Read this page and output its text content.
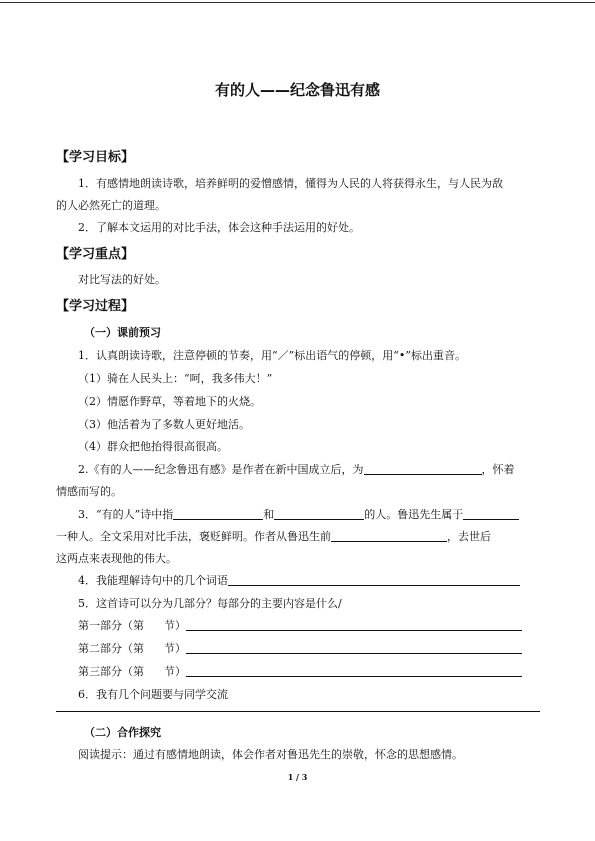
有的人——纪念鲁迅有感
【学习目标】
1．有感情地朗读诗歌，培养鲜明的爱憎感情，懂得为人民的人将获得永生，与人民为敌
的人必然死亡的道理。
2．了解本文运用的对比手法，体会这种手法运用的好处。
【学习重点】
对比写法的好处。
【学习过程】
（一）课前预习
1．认真朗读诗歌，注意停顿的节奏，用“／”标出语气的停顿，用“•”标出重音。
（1）骑在人民头上：“呵，我多伟大！”
（2）情愿作野草，等着地下的火烧。
（3）他活着为了多数人更好地活。
（4）群众把他抬得很高很高。
2.《有的人——纪念鲁迅有感》是作者在新中国成立后，为	，怀着
情感而写的。
3．“有的人”诗中指	和	的人。鲁迅先生属于
一种人。全文采用对比手法，褒贬鲜明。作者从鲁迅生前	，去世后
这两点来表现他的伟大。
4．我能理解诗句中的几个词语
5．这首诗可以分为几部分？每部分的主要内容是什么/
第一部分（第 节）
第二部分（第 节）
第三部分（第 节）
6．我有几个问题要与同学交流
（二）合作探究
阅读提示：通过有感情地朗读，体会作者对鲁迅先生的崇敬，怀念的思想感情。
1 / 3
